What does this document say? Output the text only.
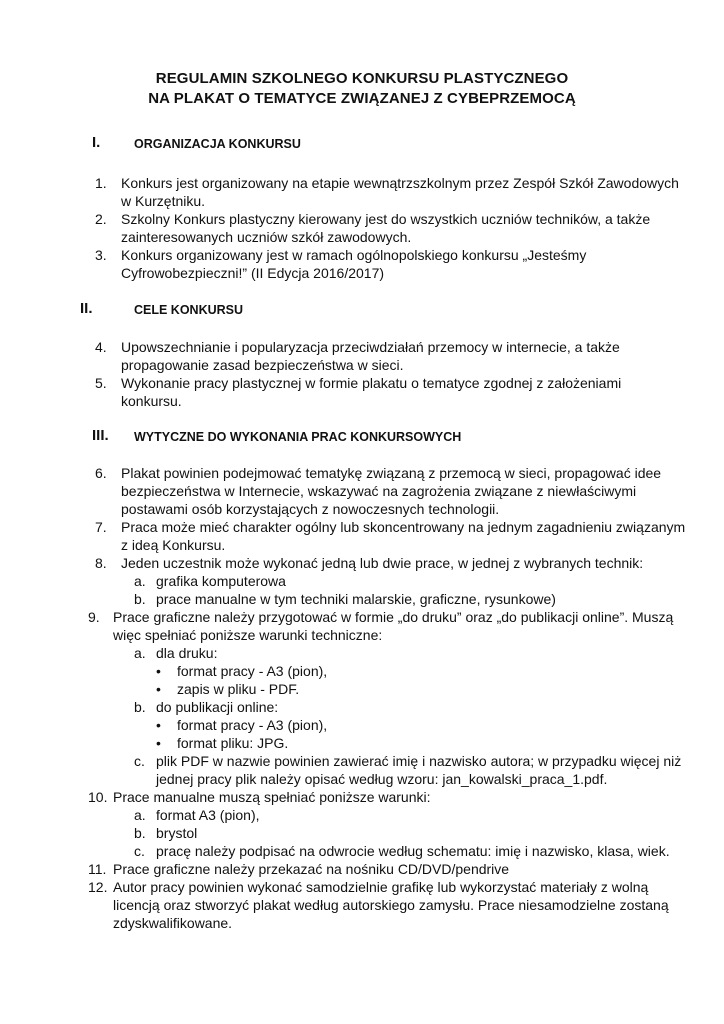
REGULAMIN SZKOLNEGO KONKURSU PLASTYCZNEGO
NA PLAKAT O TEMATYCE ZWIĄZANEJ Z CYBEPRZEMOCĄ
I.	ORGANIZACJA KONKURSU
1. Konkurs jest organizowany na etapie wewnątrzszkolnym przez Zespół Szkół Zawodowych
w Kurzętniku.
2. Szkolny Konkurs plastyczny kierowany jest do wszystkich uczniów techników, a także
zainteresowanych uczniów szkół zawodowych.
3. Konkurs organizowany jest w ramach ogólnopolskiego konkursu „Jesteśmy
Cyfrowobezpieczni!” (II Edycja 2016/2017)
II.	CELE KONKURSU
4. Upowszechnianie i popularyzacja przeciwdziałań przemocy w internecie, a także
propagowanie zasad bezpieczeństwa w sieci.
5. Wykonanie pracy plastycznej w formie plakatu o tematyce zgodnej z założeniami
konkursu.
III. WYTYCZNE DO WYKONANIA PRAC KONKURSOWYCH
6. Plakat powinien podejmować tematykę związaną z przemocą w sieci, propagować idee
bezpieczeństwa w Internecie, wskazywać na zagrożenia związane z niewłaściwymi
postawami osób korzystających z nowoczesnych technologii.
7. Praca może mieć charakter ogólny lub skoncentrowany na jednym zagadnieniu związanym
z ideą Konkursu.
8. Jeden uczestnik może wykonać jedną lub dwie prace, w jednej z wybranych technik:
a. grafika komputerowa
b. prace manualne w tym techniki malarskie, graficzne, rysunkowe)
9. Prace graficzne należy przygotować w formie „do druku” oraz „do publikacji online”. Muszą
więc spełniać poniższe warunki techniczne:
a. dla druku:
• format pracy - A3 (pion),
• zapis w pliku - PDF.
b. do publikacji online:
• format pracy - A3 (pion),
• format pliku: JPG.
c. plik PDF w nazwie powinien zawierać imię i nazwisko autora; w przypadku więcej niż
jednej pracy plik należy opisać według wzoru: jan_kowalski_praca_1.pdf.
10. Prace manualne muszą spełniać poniższe warunki:
a. format A3 (pion),
b. brystol
c. pracę należy podpisać na odwrocie według schematu: imię i nazwisko, klasa, wiek.
11. Prace graficzne należy przekazać na nośniku CD/DVD/pendrive
12. Autor pracy powinien wykonać samodzielnie grafikę lub wykorzystać materiały z wolną
licencją oraz stworzyć plakat według autorskiego zamysłu. Prace niesamodzielne zostaną
zdyskwalifikowane.
